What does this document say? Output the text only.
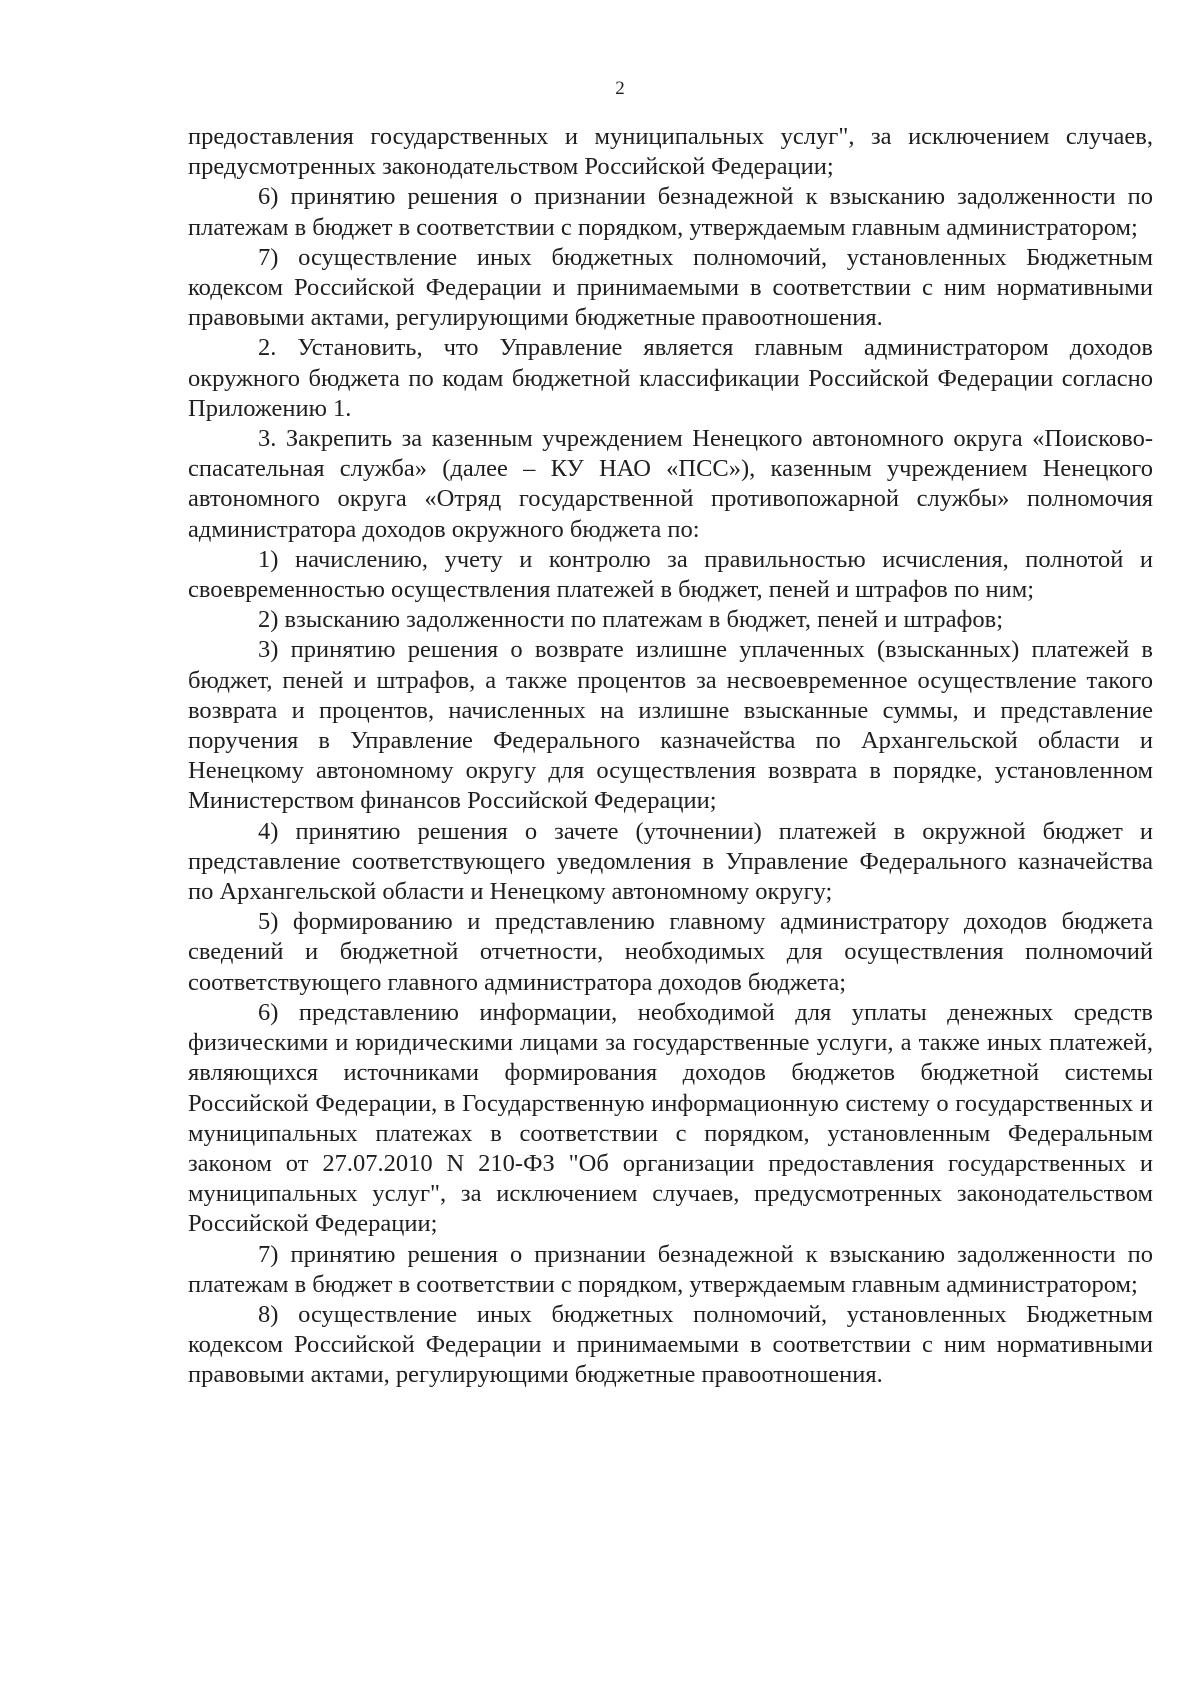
2

предоставления государственных и муниципальных услуг", за исключением случаев, предусмотренных законодательством Российской Федерации;

6) принятию решения о признании безнадежной к взысканию задолженности по платежам в бюджет в соответствии с порядком, утверждаемым главным администратором;

7) осуществление иных бюджетных полномочий, установленных Бюджетным кодексом Российской Федерации и принимаемыми в соответствии с ним нормативными правовыми актами, регулирующими бюджетные правоотношения.

2. Установить, что Управление является главным администратором доходов окружного бюджета по кодам бюджетной классификации Российской Федерации согласно Приложению 1.

3. Закрепить за казенным учреждением Ненецкого автономного округа «Поисково-спасательная служба» (далее – КУ НАО «ПСС»), казенным учреждением Ненецкого автономного округа «Отряд государственной противопожарной службы» полномочия администратора доходов окружного бюджета по:

1) начислению, учету и контролю за правильностью исчисления, полнотой и своевременностью осуществления платежей в бюджет, пеней и штрафов по ним;

2) взысканию задолженности по платежам в бюджет, пеней и штрафов;

3) принятию решения о возврате излишне уплаченных (взысканных) платежей в бюджет, пеней и штрафов, а также процентов за несвоевременное осуществление такого возврата и процентов, начисленных на излишне взысканные суммы, и представление поручения в Управление Федерального казначейства по Архангельской области и Ненецкому автономному округу для осуществления возврата в порядке, установленном Министерством финансов Российской Федерации;

4) принятию решения о зачете (уточнении) платежей в окружной бюджет и представление соответствующего уведомления в Управление Федерального казначейства по Архангельской области и Ненецкому автономному округу;

5) формированию и представлению главному администратору доходов бюджета сведений и бюджетной отчетности, необходимых для осуществления полномочий соответствующего главного администратора доходов бюджета;

6) представлению информации, необходимой для уплаты денежных средств физическими и юридическими лицами за государственные услуги, а также иных платежей, являющихся источниками формирования доходов бюджетов бюджетной системы Российской Федерации, в Государственную информационную систему о государственных и муниципальных платежах в соответствии с порядком, установленным Федеральным законом от 27.07.2010 N 210-ФЗ "Об организации предоставления государственных и муниципальных услуг", за исключением случаев, предусмотренных законодательством Российской Федерации;

7) принятию решения о признании безнадежной к взысканию задолженности по платежам в бюджет в соответствии с порядком, утверждаемым главным администратором;

8) осуществление иных бюджетных полномочий, установленных Бюджетным кодексом Российской Федерации и принимаемыми в соответствии с ним нормативными правовыми актами, регулирующими бюджетные правоотношения.
